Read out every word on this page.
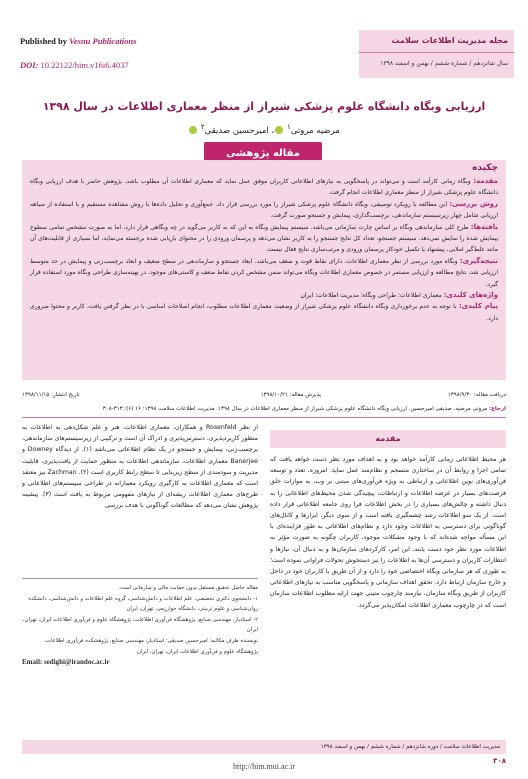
Published by Vesnu Publications
DOI: 10.22122/him.v16i6.4037
مجله مدیریت اطلاعات سلامت
سال شانزدهم / شماره ششم / بهمن و اسفند ۱۳۹۸
ارزیابی وبگاه دانشگاه علوم پزشکی شیراز از منظر معماری اطلاعات در سال ۱۳۹۸
مرضیه مروتی$^۱$ ، امیرحسین صدیقی$^۲$
مقاله پژوهشی
چکیده

مقدمه: وبگاه زمانی کارآمد است و می‌تواند در پاسخگویی به نیازهای اطلاعاتی کاربران موفق عمل نماید که معماری اطلاعات آن مطلوب باشد. پژوهش حاضر با هدف ارزیابی وبگاه دانشگاه علوم پزشکی شیراز از منظر معماری اطلاعات انجام گرفت.

روش بررسی: این مطالعه با رویکرد توصیفی، وبگاه دانشگاه علوم پزشکی شیراز را مورد بررسی قرار داد. جمع‌آوری و تحلیل داده‌ها با روش مشاهده مستقیم و با استفاده از سیاهه ارزیابی شامل چهار زیرسیستم سازماندهی، برچسب‌گذاری، پیمایش و جستجو صورت گرفت.

یافته‌ها: طرح کلی سازماندهی وبگاه بر اساس چارت سازمانی می‌باشد. سیستم پیمایش وبگاه به این که به کاربر می‌گوید در چه وبگاهی قرار دارد، اما به صورت مشخص تمامی سطوح پیمایش شده را نمایش نمی‌دهد. سیستم جستجو، تعداد کل نتایج جستجو را به کاربر نشان می‌دهد و پرسمان ورودی را در محتوای بازیابی شده برجسته می‌نماید، اما بسیاری از قابلیت‌های آن مانند غلط‌گیر املایی، پیشنهاد یا تکمیل خودکار پرسمان ورودی و مرتب‌سازی نتایج فعال نیست.

نتیجه‌گیری: وبگاه مورد بررسی از نظر معماری اطلاعات، دارای نقاط قوت و ضعف می‌باشد. ابعاد جستجو و سازماندهی در سطح ضعیف و ابعاد برچسب‌زنی و پیمایش در حد متوسط ارزیابی شد. نتایج مطالعه و ارزیابی مستمر در خصوص معماری اطلاعات وبگاه می‌تواند ضمن مشخص کردن نقاط ضعف و کاستی‌های موجود، در بهینه‌سازی طراحی وبگاه مورد استفاده قرار گیرد.

واژه‌های کلیدی: معماری اطلاعات؛ طراحی وبگاه؛ مدیریت اطلاعات؛ ایران

پیام کلیدی: با توجه به عدم برخورداری وبگاه دانشگاه علوم پزشکی شیراز از وضعیت معماری اطلاعات مطلوب، انجام اصلاحات اساسی با در نظر گرفتن یافت، کاربر و محتوا ضروری دارد.

دریافت مقاله: ۱۳۹۸/۹/۳۰
پذیرش مقاله: ۱۳۹۸/۱۰/۲۱
تاریخ انتشار: ۱۳۹۸/۱۱/۱۵
ارجاع: مروتی مرضیه، صدیقی امیرحسین. ارزیابی وبگاه دانشگاه علوم پزشکی شیراز از منظر معماری اطلاعات در سال ۱۳۹۸. مدیریت اطلاعات سلامت ۱۳۹۸؛ ۱۶ (۶): ۳۱۳-۳۰۸
مقدمه
هر محیط اطلاعاتی زمانی کارآمد خواهد بود و به اهداف مورد نظر دست خواهد یافت که تمامی اجزا و روابط آن در ساختاری منسجم و نظام‌مند عمل نماید. امروزه، تعدد و توسعه فن‌آوری‌های نوین اطلاعاتی و ارتباطی به ویژه فن‌آوری‌های مبتنی بر وب، به موازات خلق فرصت‌های بسیار در عرصه اطلاعات و ارتباطات، پیچیدگی شدن محیط‌های اطلاعاتی را به دنبال داشته و چالش‌های بسیاری را در بخش اطلاعات فرا روی جامعه اطلاعاتی قرار داده است. از یک سو اطلاعات رشد چشمگیری یافته است و از سوی دیگر، ابزارها و کانال‌های گوناگونی برای دسترسی به اطلاعات وجود دارد و نظام‌های اطلاعاتی به طور فزاینده‌ای با این مسأله مواجه شده‌اند که با وجود مشکلات موجود، کاربران چگونه به صورت مؤثر به اطلاعات مورد نظر خود دست یابند. این امر، کارکردهای سازمان‌ها و به دنبال آن، نیازها و انتظارات کاربران و دسترسی آن‌ها به اطلاعات را نیز دستخوش تحولات فراوانی نموده است؛ به طوری که هر سازمانی وبگاه اختصاصی خود را دارد و از آن طریق با کاربران خود در داخل و خارج سازمان ارتباط دارد. تحقق اهداف سازمانی و پاسخگویی مناسب به نیازهای اطلاعاتی کاربران از طریق وبگاه سازمان، نیازمند چارچوب متینی جهت ارایه مطلوب اطلاعات سازمان است که در چارچوب معماری اطلاعات امکان‌پذیر می‌گردد.
از نظر Rosenfeld و همکاران، معماری اطلاعات، هنر و علم شکل‌دهی به اطلاعات به منظور کاربردپذیری، دسترس‌پذیری و ادراک آن است و ترکیبی از زیرسیستم‌های سازماندهی، برچسب‌زنی، پیمایش و جستجو در یک نظام اطلاعاتی می‌باشد (۱). از دیدگاه Downey و Banerjee معماری اطلاعات، سازماندهی اطلاعات به منظور حمایت از یافت‌پذیری، قابلیت مدیریت و سودمندی از سطح زیربنایی تا سطح رابط کاربری است (۲). Zachman نیز معتقد است که معماری اطلاعات به کارگیری رویکرد معمارانه در طراحی سیستم‌های اطلاعاتی و طرح‌های معماری اطلاعات ریشه‌ای از نیازهای مفهومی مربوط به یافت است (۳). پیشینه پژوهش نشان می‌دهد که مطالعات گوناگونی با هدف بررسی
مقاله حاصل تحقیق مستقل بدون حمایت مالی و سازمانی است.
۱- دانشجوی دکتری تخصصی، علم اطلاعات و دانش‌شناسی، گروه علم اطلاعات و دانش‌شناسی، دانشکده روان‌شناسی و علوم تربیتی، دانشگاه خوارزمی، تهران، ایران
۲- استادیار، مهندسی صنایع، پژوهشگاه فن‌آوری اطلاعات، پژوهشگاه علوم و فن‌آوری اطلاعات ایران، تهران، ایران
نویسنده طرف مکاتبه: امیرحسین صدیقی؛ استادیار، مهندسی صنایع، پژوهشکده فن‌آوری اطلاعات، پژوهشگاه علوم و فن‌آوری اطلاعات ایران، تهران، ایران
Email: sedighi@irandoc.ac.ir
مدیریت اطلاعات سلامت / دوره شانزدهم / شماره ششم / بهمن و اسفند ۱۳۹۸
۳۰۸
http://him.mui.ac.ir
